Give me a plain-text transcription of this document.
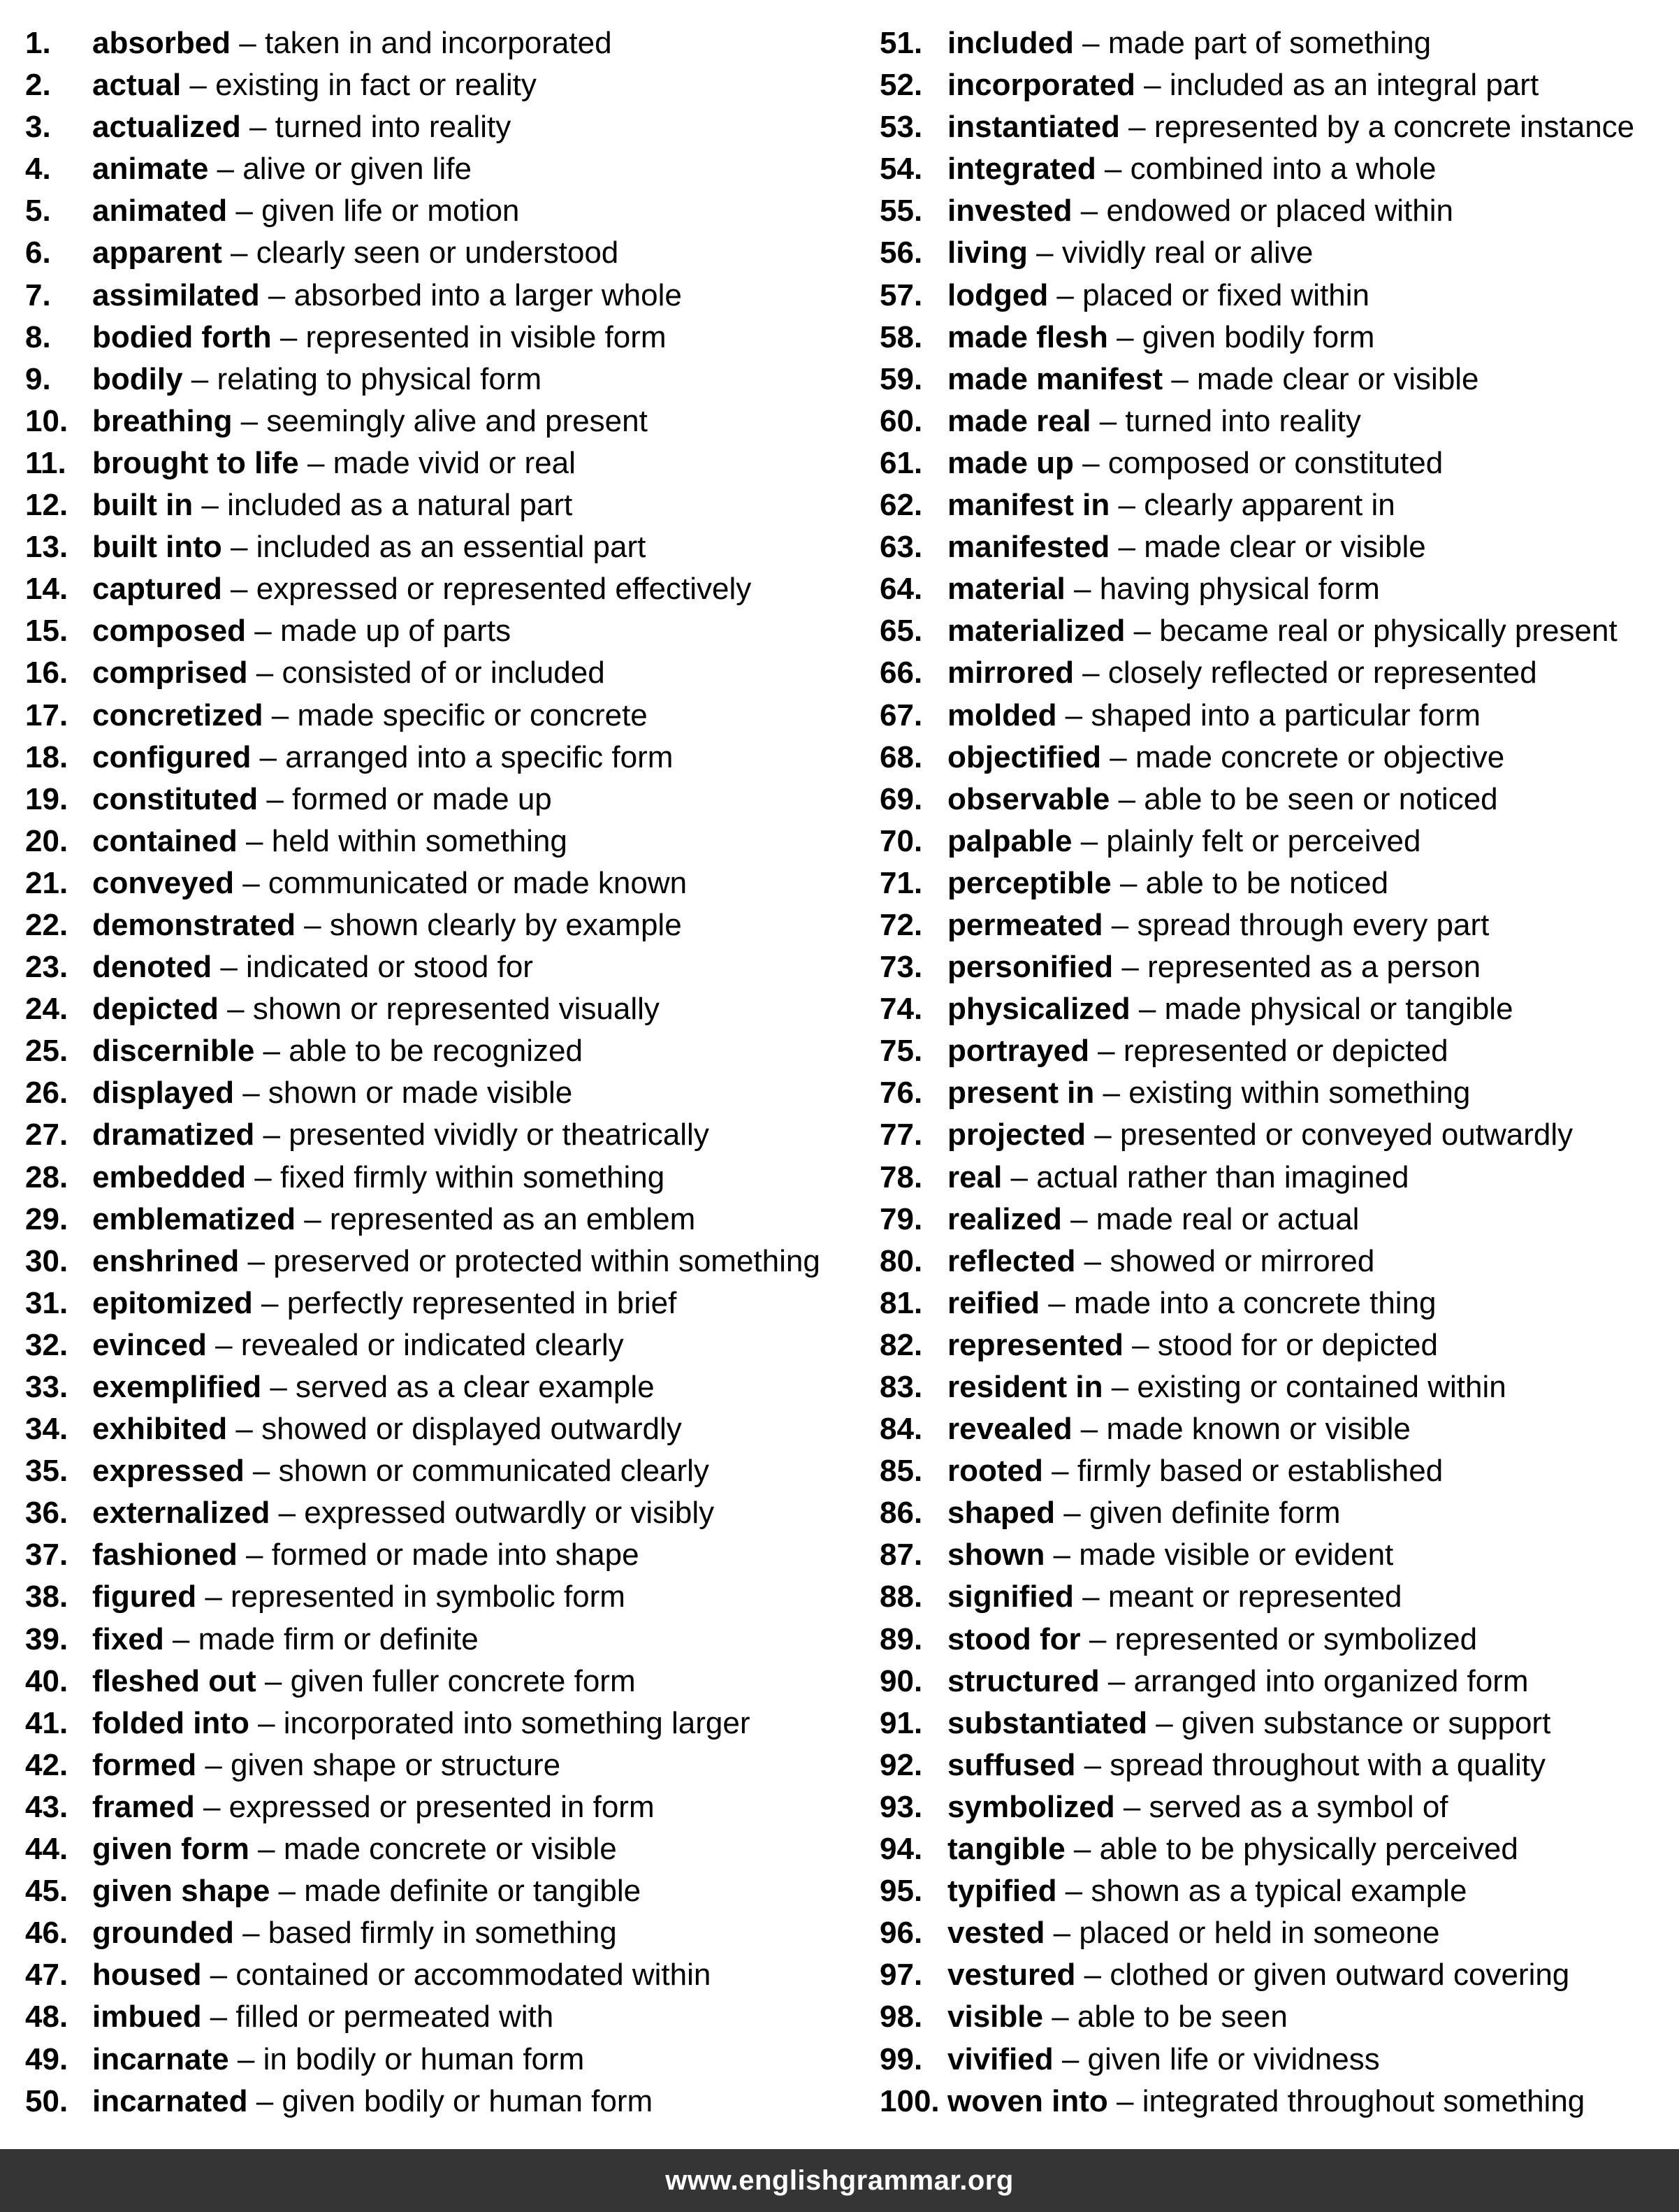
1. absorbed – taken in and incorporated
2. actual – existing in fact or reality
3. actualized – turned into reality
4. animate – alive or given life
5. animated – given life or motion
6. apparent – clearly seen or understood
7. assimilated – absorbed into a larger whole
8. bodied forth – represented in visible form
9. bodily – relating to physical form
10. breathing – seemingly alive and present
11. brought to life – made vivid or real
12. built in – included as a natural part
13. built into – included as an essential part
14. captured – expressed or represented effectively
15. composed – made up of parts
16. comprised – consisted of or included
17. concretized – made specific or concrete
18. configured – arranged into a specific form
19. constituted – formed or made up
20. contained – held within something
21. conveyed – communicated or made known
22. demonstrated – shown clearly by example
23. denoted – indicated or stood for
24. depicted – shown or represented visually
25. discernible – able to be recognized
26. displayed – shown or made visible
27. dramatized – presented vividly or theatrically
28. embedded – fixed firmly within something
29. emblematized – represented as an emblem
30. enshrined – preserved or protected within something
31. epitomized – perfectly represented in brief
32. evinced – revealed or indicated clearly
33. exemplified – served as a clear example
34. exhibited – showed or displayed outwardly
35. expressed – shown or communicated clearly
36. externalized – expressed outwardly or visibly
37. fashioned – formed or made into shape
38. figured – represented in symbolic form
39. fixed – made firm or definite
40. fleshed out – given fuller concrete form
41. folded into – incorporated into something larger
42. formed – given shape or structure
43. framed – expressed or presented in form
44. given form – made concrete or visible
45. given shape – made definite or tangible
46. grounded – based firmly in something
47. housed – contained or accommodated within
48. imbued – filled or permeated with
49. incarnate – in bodily or human form
50. incarnated – given bodily or human form
51. included – made part of something
52. incorporated – included as an integral part
53. instantiated – represented by a concrete instance
54. integrated – combined into a whole
55. invested – endowed or placed within
56. living – vividly real or alive
57. lodged – placed or fixed within
58. made flesh – given bodily form
59. made manifest – made clear or visible
60. made real – turned into reality
61. made up – composed or constituted
62. manifest in – clearly apparent in
63. manifested – made clear or visible
64. material – having physical form
65. materialized – became real or physically present
66. mirrored – closely reflected or represented
67. molded – shaped into a particular form
68. objectified – made concrete or objective
69. observable – able to be seen or noticed
70. palpable – plainly felt or perceived
71. perceptible – able to be noticed
72. permeated – spread through every part
73. personified – represented as a person
74. physicalized – made physical or tangible
75. portrayed – represented or depicted
76. present in – existing within something
77. projected – presented or conveyed outwardly
78. real – actual rather than imagined
79. realized – made real or actual
80. reflected – showed or mirrored
81. reified – made into a concrete thing
82. represented – stood for or depicted
83. resident in – existing or contained within
84. revealed – made known or visible
85. rooted – firmly based or established
86. shaped – given definite form
87. shown – made visible or evident
88. signified – meant or represented
89. stood for – represented or symbolized
90. structured – arranged into organized form
91. substantiated – given substance or support
92. suffused – spread throughout with a quality
93. symbolized – served as a symbol of
94. tangible – able to be physically perceived
95. typified – shown as a typical example
96. vested – placed or held in someone
97. vestured – clothed or given outward covering
98. visible – able to be seen
99. vivified – given life or vividness
100. woven into – integrated throughout something
www.englishgrammar.org
